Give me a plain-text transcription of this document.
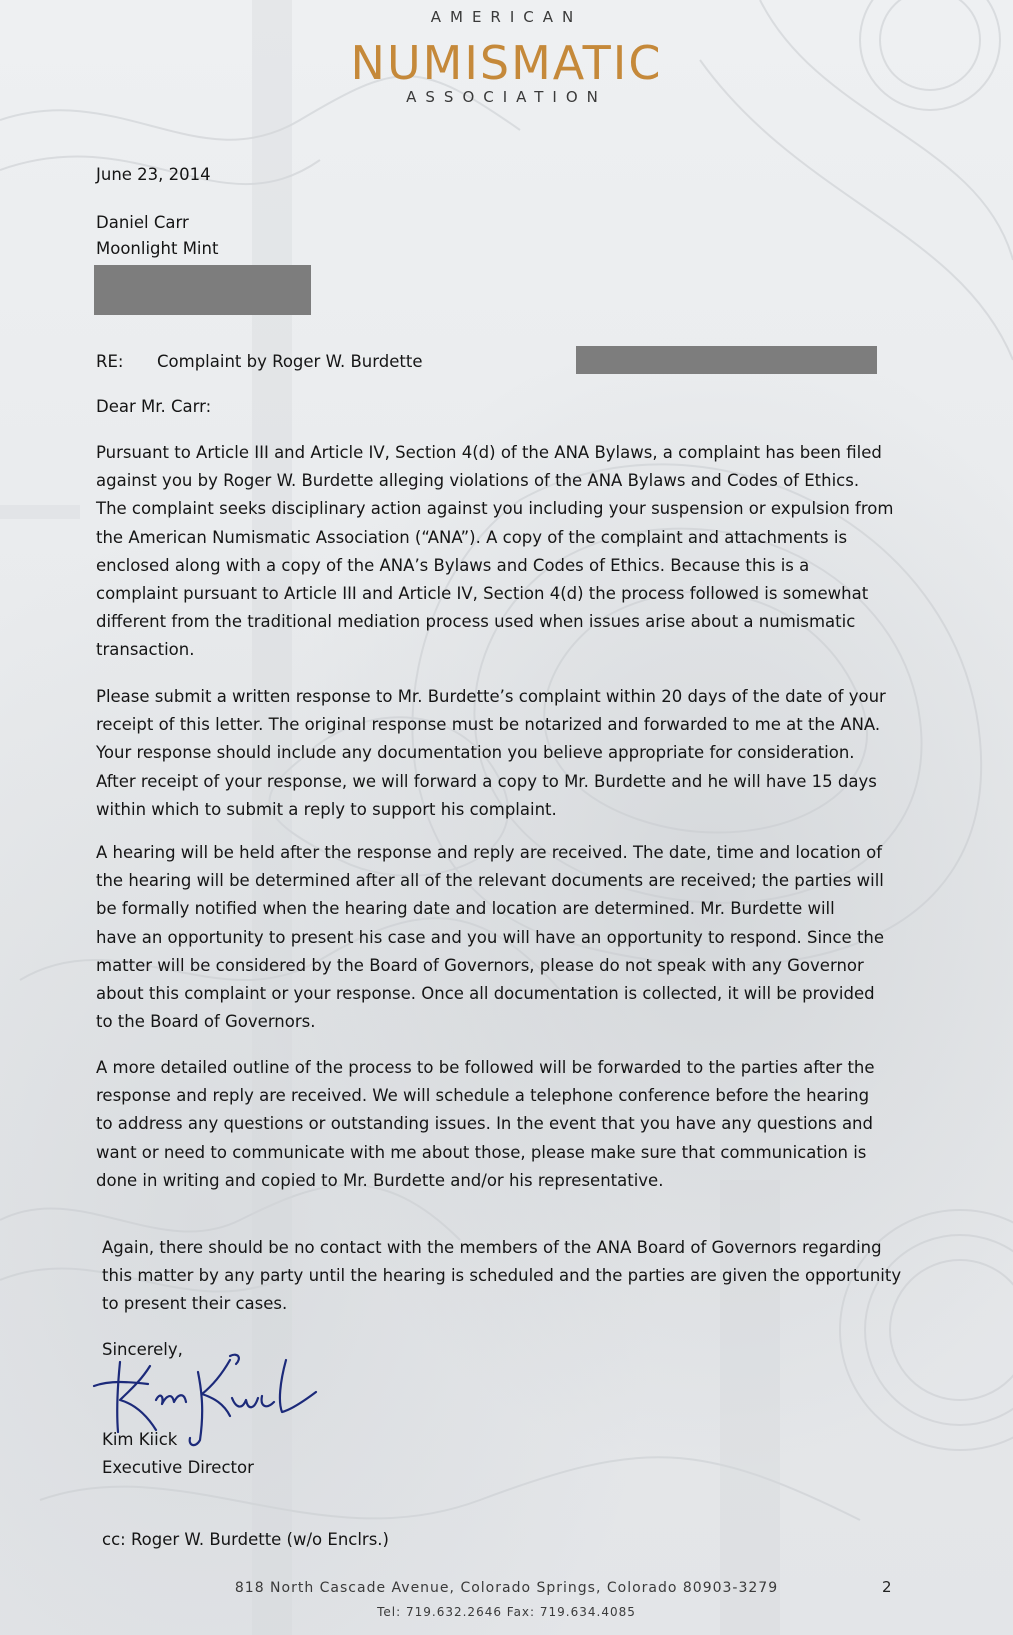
AMERICAN
NUMISMATIC
ASSOCIATION
June 23, 2014
Daniel Carr
Moonlight Mint
RE: Complaint by Roger W. Burdette
Dear Mr. Carr:
Pursuant to Article III and Article IV, Section 4(d) of the ANA Bylaws, a complaint has been filed
against you by Roger W. Burdette alleging violations of the ANA Bylaws and Codes of Ethics.
The complaint seeks disciplinary action against you including your suspension or expulsion from
the American Numismatic Association (“ANA”). A copy of the complaint and attachments is
enclosed along with a copy of the ANA’s Bylaws and Codes of Ethics. Because this is a
complaint pursuant to Article III and Article IV, Section 4(d) the process followed is somewhat
different from the traditional mediation process used when issues arise about a numismatic
transaction.
Please submit a written response to Mr. Burdette’s complaint within 20 days of the date of your
receipt of this letter. The original response must be notarized and forwarded to me at the ANA.
Your response should include any documentation you believe appropriate for consideration.
After receipt of your response, we will forward a copy to Mr. Burdette and he will have 15 days
within which to submit a reply to support his complaint.
A hearing will be held after the response and reply are received. The date, time and location of
the hearing will be determined after all of the relevant documents are received; the parties will
be formally notified when the hearing date and location are determined. Mr. Burdette will
have an opportunity to present his case and you will have an opportunity to respond. Since the
matter will be considered by the Board of Governors, please do not speak with any Governor
about this complaint or your response. Once all documentation is collected, it will be provided
to the Board of Governors.
A more detailed outline of the process to be followed will be forwarded to the parties after the
response and reply are received. We will schedule a telephone conference before the hearing
to address any questions or outstanding issues. In the event that you have any questions and
want or need to communicate with me about those, please make sure that communication is
done in writing and copied to Mr. Burdette and/or his representative.
Again, there should be no contact with the members of the ANA Board of Governors regarding
this matter by any party until the hearing is scheduled and the parties are given the opportunity
to present their cases.
Sincerely,
Kim Kiick
Executive Director
cc: Roger W. Burdette (w/o Enclrs.)
818 North Cascade Avenue, Colorado Springs, Colorado 80903-3279
Tel: 719.632.2646 Fax: 719.634.4085
2
